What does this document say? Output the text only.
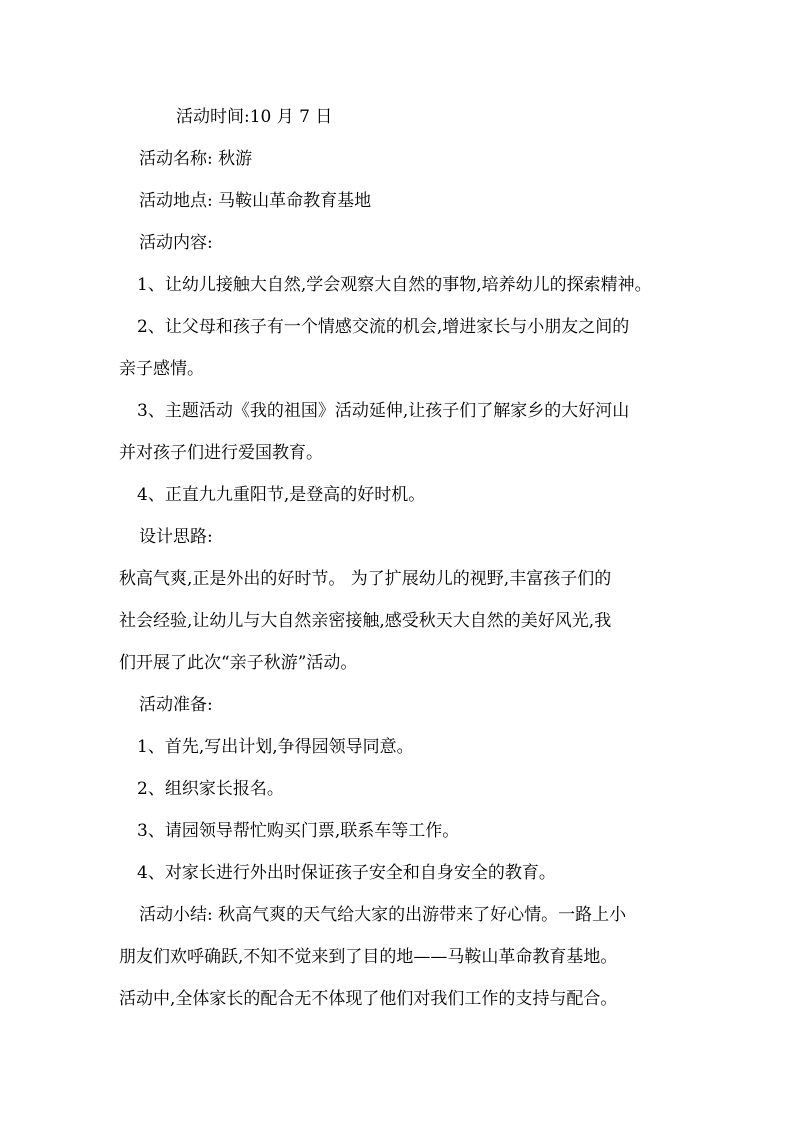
活动时间:10 月 7 日
活动名称: 秋游
活动地点: 马鞍山革命教育基地
活动内容:
1、让幼儿接触大自然,学会观察大自然的事物,培养幼儿的探索精神。
2、让父母和孩子有一个情感交流的机会,增进家长与小朋友之间的
亲子感情。
3、主题活动《我的祖国》活动延伸,让孩子们了解家乡的大好河山
并对孩子们进行爱国教育。
4、正直九九重阳节,是登高的好时机。
设计思路:
秋高气爽,正是外出的好时节。 为了扩展幼儿的视野,丰富孩子们的
社会经验,让幼儿与大自然亲密接触,感受秋天大自然的美好风光,我
们开展了此次“亲子秋游”活动。
活动准备:
1、首先,写出计划,争得园领导同意。
2、组织家长报名。
3、请园领导帮忙购买门票,联系车等工作。
4、对家长进行外出时保证孩子安全和自身安全的教育。
活动小结: 秋高气爽的天气给大家的出游带来了好心情。一路上小
朋友们欢呼确跃,不知不觉来到了目的地——马鞍山革命教育基地。
活动中,全体家长的配合无不体现了他们对我们工作的支持与配合。
